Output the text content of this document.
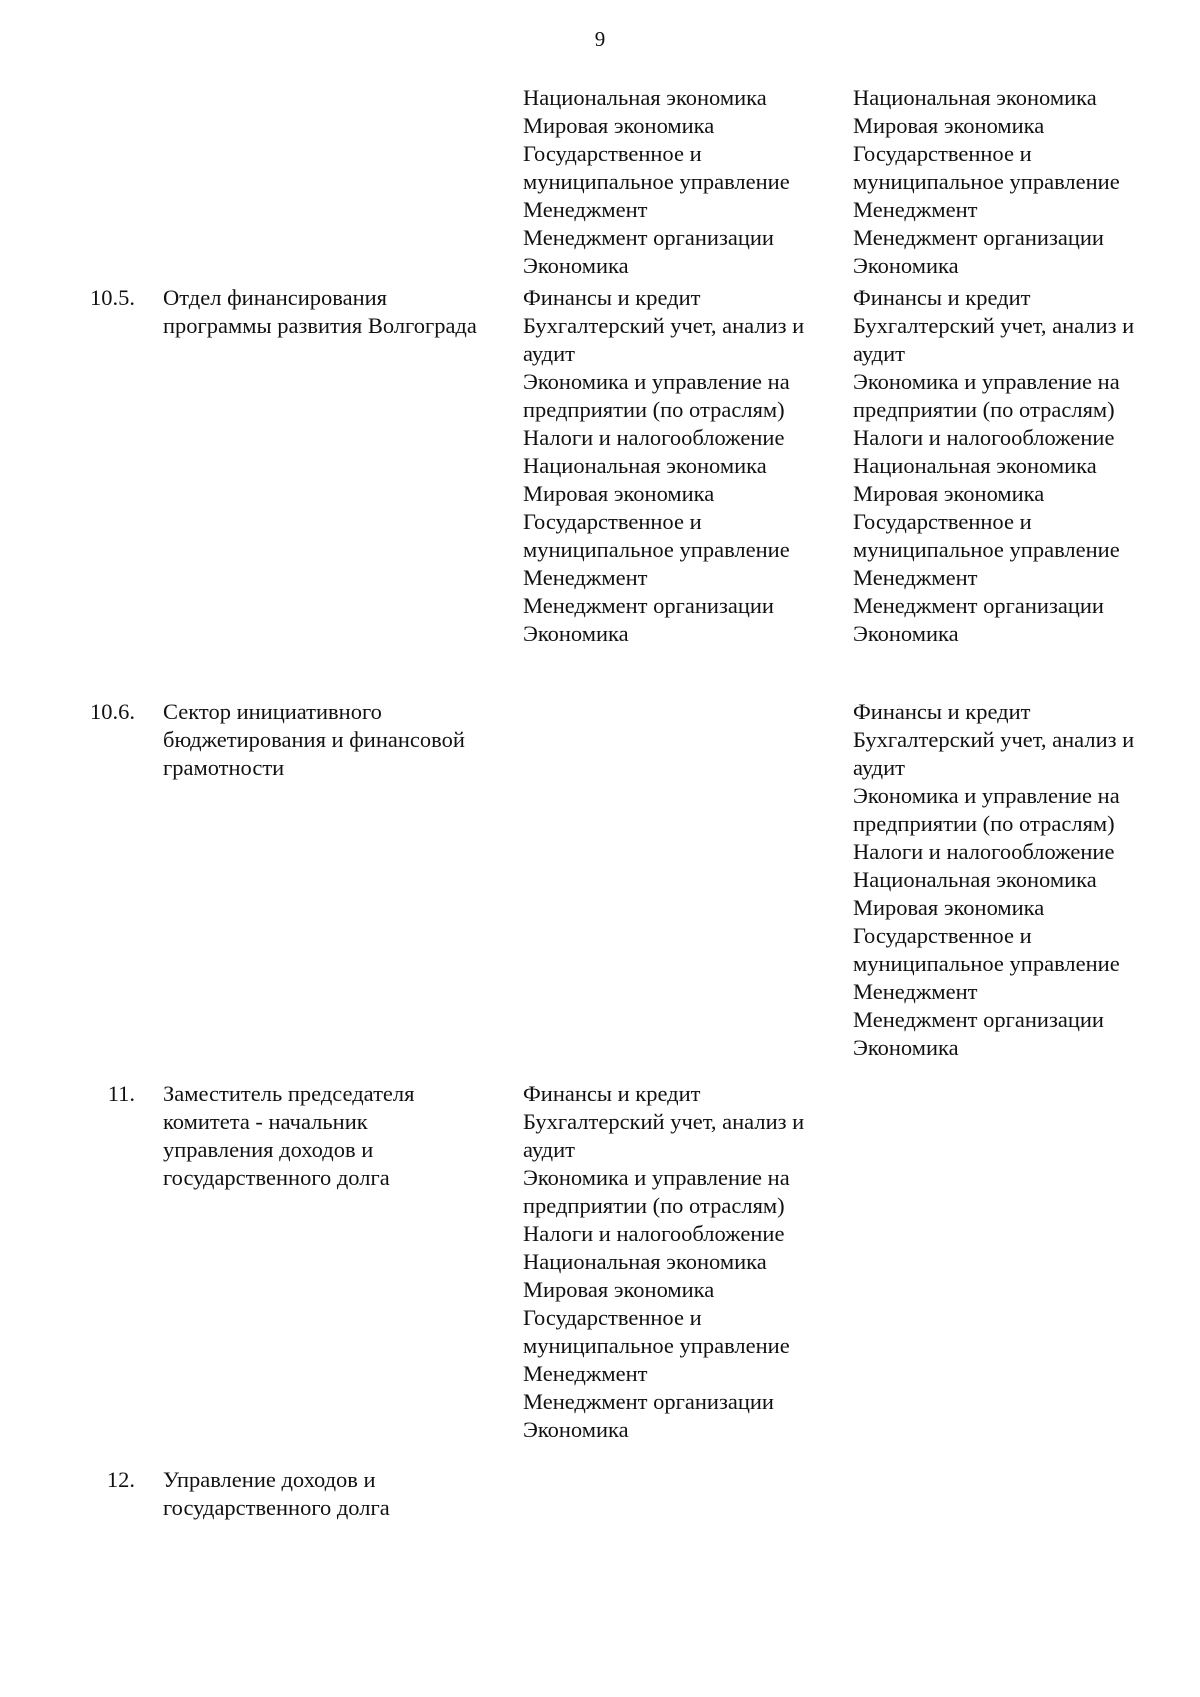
9
Национальная экономика
Мировая экономика
Государственное и
муниципальное управление
Менеджмент
Менеджмент организации
Экономика
Национальная экономика
Мировая экономика
Государственное и
муниципальное управление
Менеджмент
Менеджмент организации
Экономика
10.5.	Отдел финансирования
программы развития Волгограда
Финансы и кредит
Бухгалтерский учет, анализ и
аудит
Экономика и управление на
предприятии (по отраслям)
Налоги и налогообложение
Национальная экономика
Мировая экономика
Государственное и
муниципальное управление
Менеджмент
Менеджмент организации
Экономика
Финансы и кредит
Бухгалтерский учет, анализ и
аудит
Экономика и управление на
предприятии (по отраслям)
Налоги и налогообложение
Национальная экономика
Мировая экономика
Государственное и
муниципальное управление
Менеджмент
Менеджмент организации
Экономика
10.6.	Сектор инициативного
бюджетирования и финансовой
грамотности
Финансы и кредит
Бухгалтерский учет, анализ и
аудит
Экономика и управление на
предприятии (по отраслям)
Налоги и налогообложение
Национальная экономика
Мировая экономика
Государственное и
муниципальное управление
Менеджмент
Менеджмент организации
Экономика
11. Заместитель председателя
комитета - начальник
управления доходов и
государственного долга
Финансы и кредит
Бухгалтерский учет, анализ и
аудит
Экономика и управление на
предприятии (по отраслям)
Налоги и налогообложение
Национальная экономика
Мировая экономика
Государственное и
муниципальное управление
Менеджмент
Менеджмент организации
Экономика
12. Управление доходов и
государственного долга
